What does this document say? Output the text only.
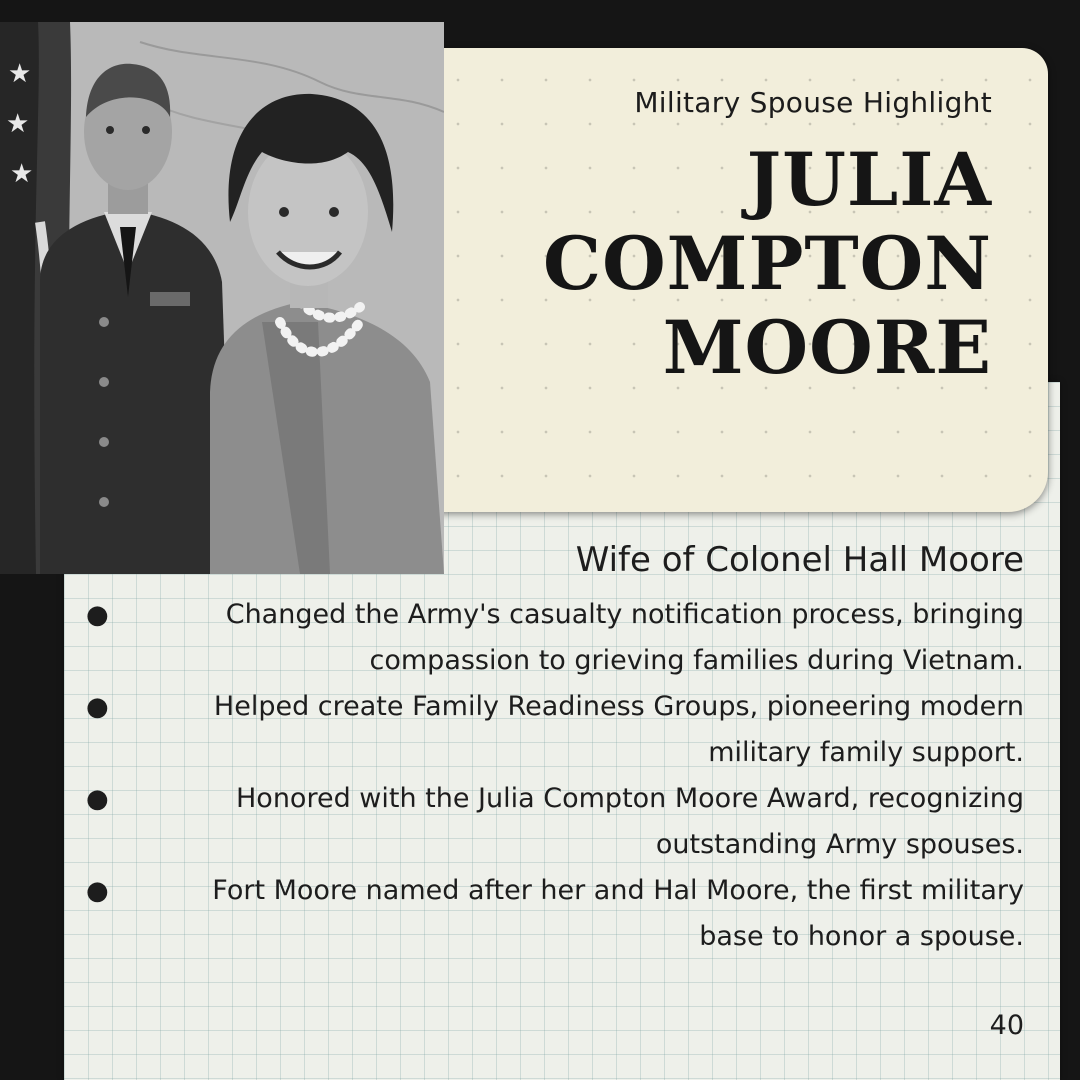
★
★
★
Military Spouse Highlight
JULIA
COMPTON
MOORE
Wife of Colonel Hall Moore
●	Changed the Army's casualty notification process, bringing compassion to grieving families during Vietnam.
●	Helped create Family Readiness Groups, pioneering modern military family support.
●	Honored with the Julia Compton Moore Award, recognizing outstanding Army spouses.
●	Fort Moore named after her and Hal Moore, the first military base to honor a spouse.
40
